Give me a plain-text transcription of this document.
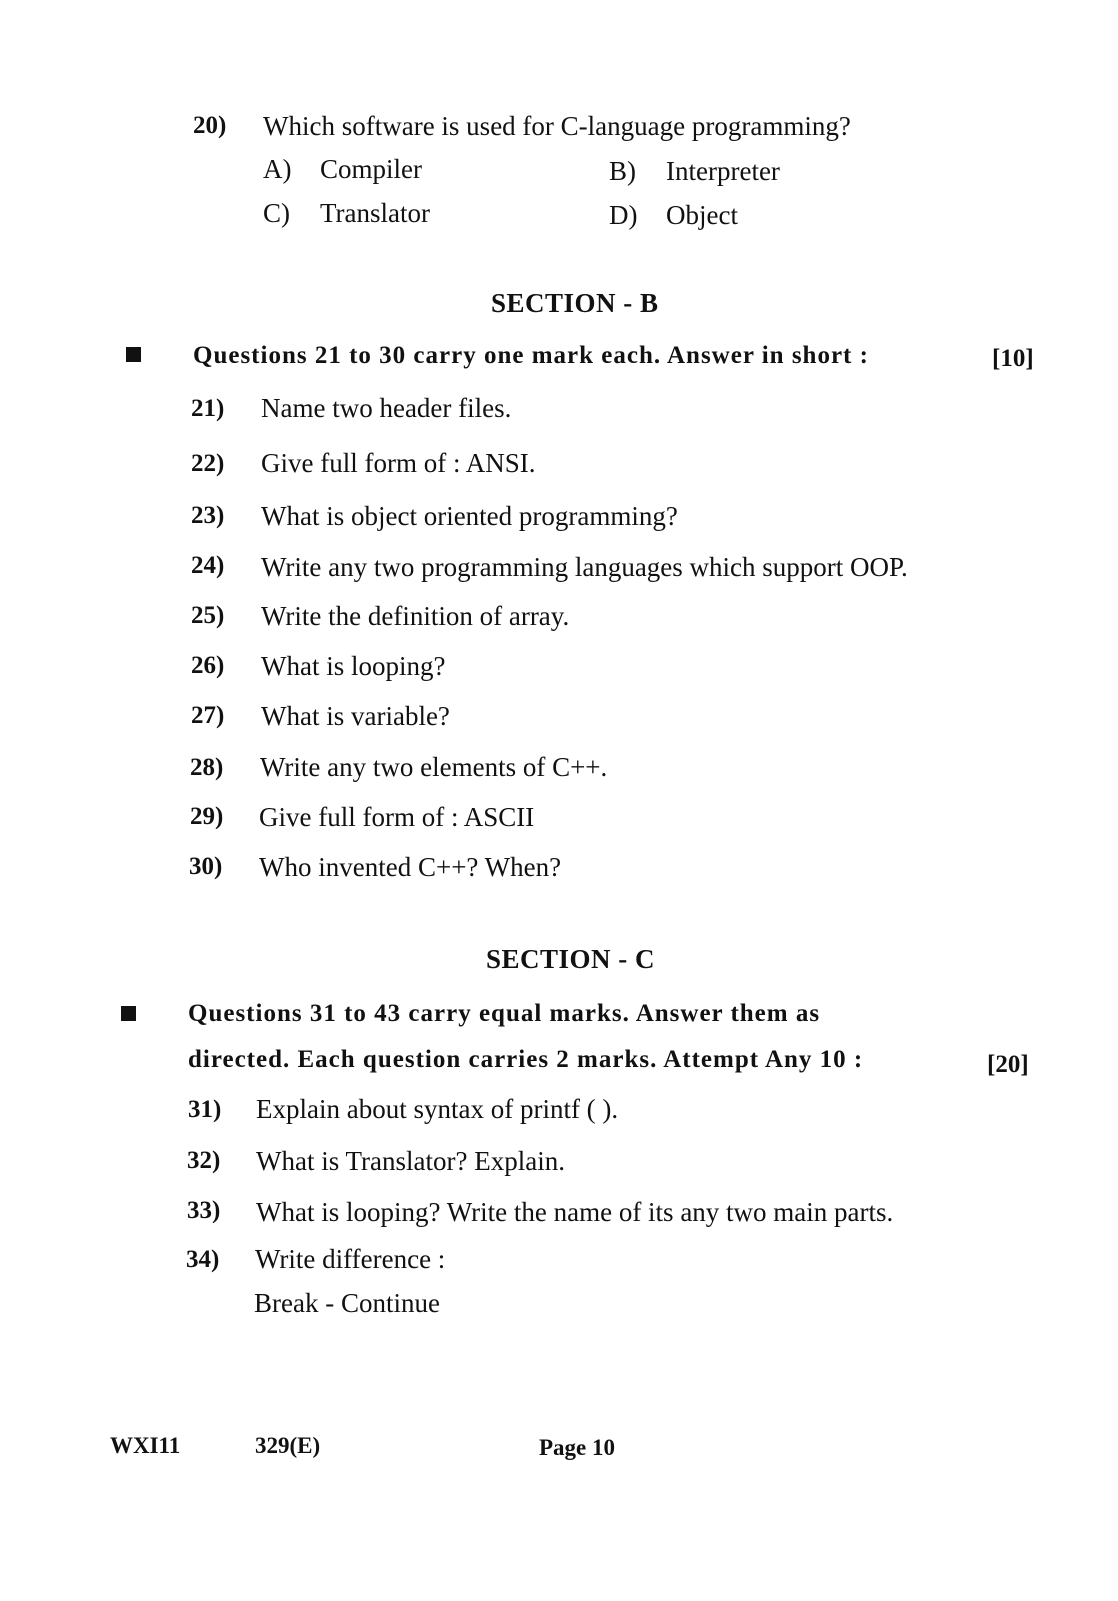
20) Which software is used for C-language programming?
A) Compiler	B) Interpreter
C) Translator	D) Object
SECTION - B
Questions 21 to 30 carry one mark each. Answer in short :	[10]
21) Name two header files.
22) Give full form of : ANSI.
23) What is object oriented programming?
24) Write any two programming languages which support OOP.
25) Write the definition of array.
26) What is looping?
27) What is variable?
28) Write any two elements of C++.
29) Give full form of : ASCII
30) Who invented C++? When?
SECTION - C
Questions 31 to 43 carry equal marks. Answer them as
directed. Each question carries 2 marks. Attempt Any 10 :	[20]
31) Explain about syntax of printf ( ).
32) What is Translator? Explain.
33) What is looping? Write the name of its any two main parts.
34) Write difference :
Break - Continue
WXI11	329(E)	Page 10
